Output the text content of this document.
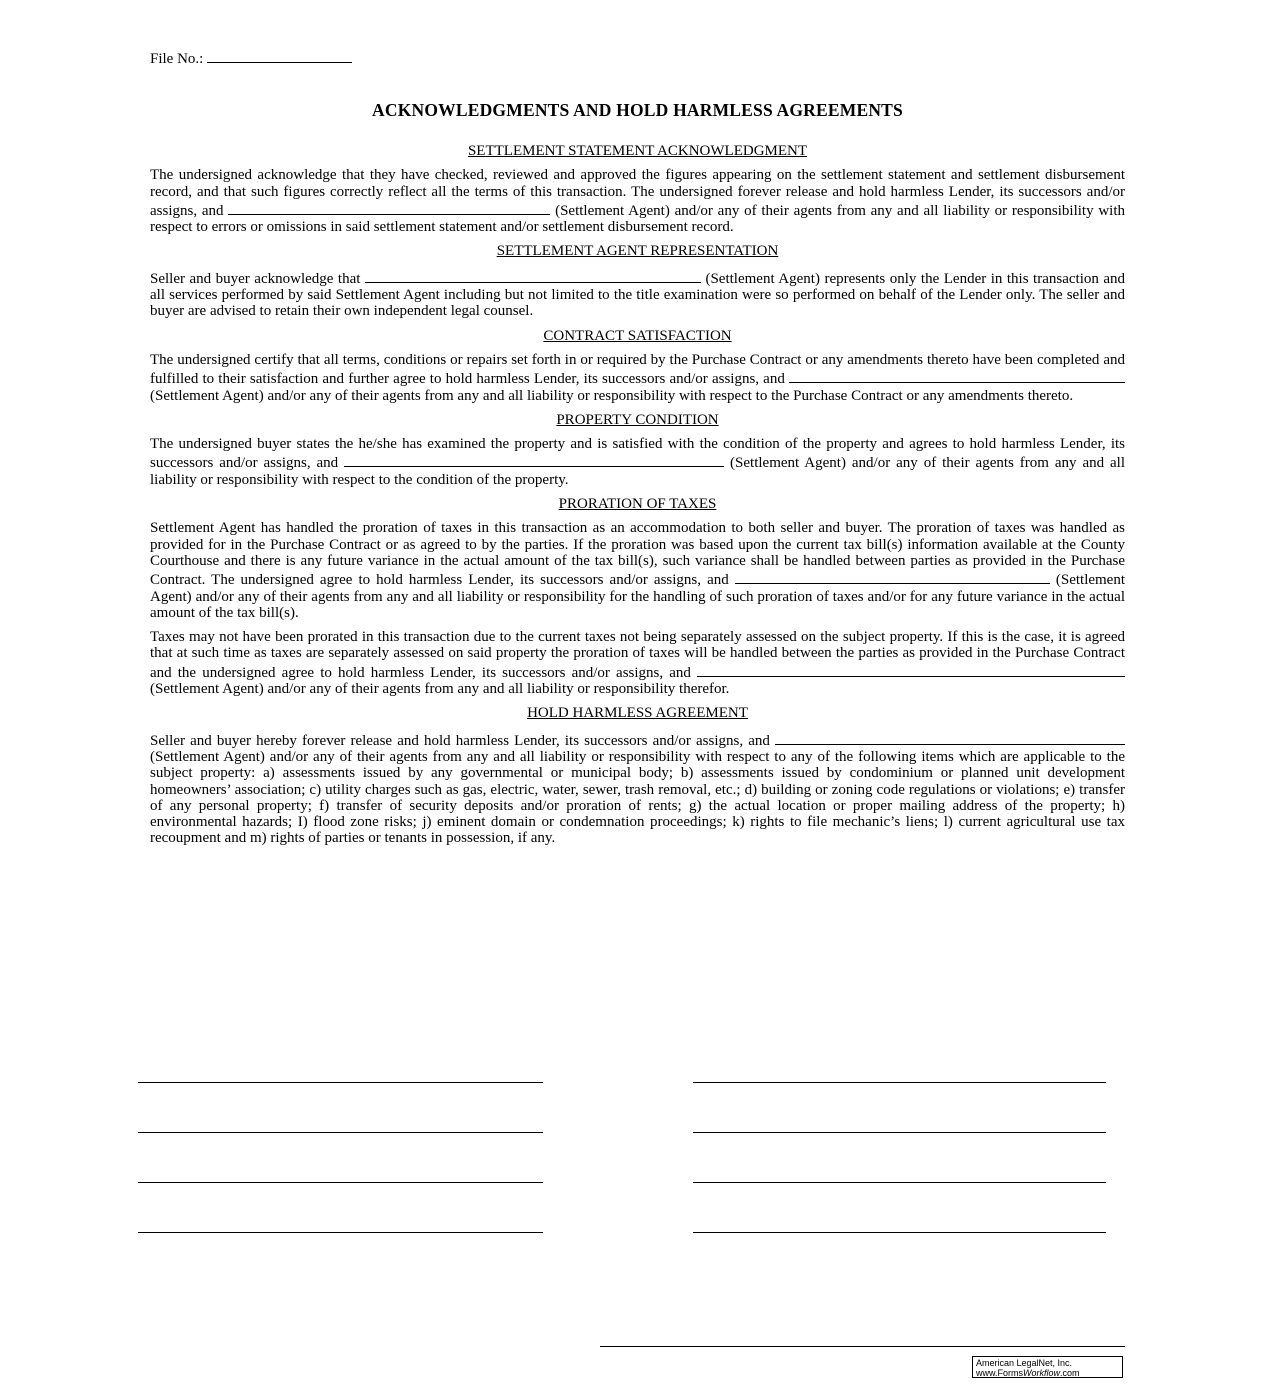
File No.:
ACKNOWLEDGMENTS AND HOLD HARMLESS AGREEMENTS
SETTLEMENT STATEMENT ACKNOWLEDGMENT
The undersigned acknowledge that they have checked, reviewed and approved the figures appearing on the settlement statement and settlement disbursement record, and that such figures correctly reflect all the terms of this transaction. The undersigned forever release and hold harmless Lender, its successors and/or assigns, and	(Settlement Agent) and/or any of their agents from any and all liability or responsibility with respect to errors or omissions in said settlement statement and/or settlement disbursement record.
SETTLEMENT AGENT REPRESENTATION
Seller and buyer acknowledge that	(Settlement Agent) represents only the Lender in this transaction and all services performed by said Settlement Agent including but not limited to the title examination were so performed on behalf of the Lender only. The seller and buyer are advised to retain their own independent legal counsel.
CONTRACT SATISFACTION
The undersigned certify that all terms, conditions or repairs set forth in or required by the Purchase Contract or any amendments thereto have been completed and fulfilled to their satisfaction and further agree to hold harmless Lender, its successors and/or assigns, and  (Settlement Agent) and/or any of their agents from any and all liability or responsibility with respect to the Purchase Contract or any amendments thereto.
PROPERTY CONDITION
The undersigned buyer states the he/she has examined the property and is satisfied with the condition of the property and agrees to hold harmless Lender, its successors and/or assigns, and	(Settlement Agent) and/or any of their agents from any and all liability or responsibility with respect to the condition of the property.
PRORATION OF TAXES
Settlement Agent has handled the proration of taxes in this transaction as an accommodation to both seller and buyer. The proration of taxes was handled as provided for in the Purchase Contract or as agreed to by the parties. If the proration was based upon the current tax bill(s) information available at the County Courthouse and there is any future variance in the actual amount of the tax bill(s), such variance shall be handled between parties as provided in the Purchase Contract. The undersigned agree to hold harmless Lender, its successors and/or assigns, and	(Settlement Agent) and/or any of their agents from any and all liability or responsibility for the handling of such proration of taxes and/or for any future variance in the actual amount of the tax bill(s).
Taxes may not have been prorated in this transaction due to the current taxes not being separately assessed on the subject property. If this is the case, it is agreed that at such time as taxes are separately assessed on said property the proration of taxes will be handled between the parties as provided in the Purchase Contract and the undersigned agree to hold harmless Lender, its successors and/or assigns, and  (Settlement Agent) and/or any of their agents from any and all liability or responsibility therefor.
HOLD HARMLESS AGREEMENT
Seller and buyer hereby forever release and hold harmless Lender, its successors and/or assigns, and  (Settlement Agent) and/or any of their agents from any and all liability or responsibility with respect to any of the following items which are applicable to the subject property: a) assessments issued by any governmental or municipal body; b) assessments issued by condominium or planned unit development homeowners’ association; c) utility charges such as gas, electric, water, sewer, trash removal, etc.; d) building or zoning code regulations or violations; e) transfer of any personal property; f) transfer of security deposits and/or proration of rents; g) the actual location or proper mailing address of the property; h) environmental hazards; I) flood zone risks; j) eminent domain or condemnation proceedings; k) rights to file mechanic’s liens; l) current agricultural use tax recoupment and m) rights of parties or tenants in possession, if any.
American LegalNet, Inc.
www.FormsWorkflow.com
